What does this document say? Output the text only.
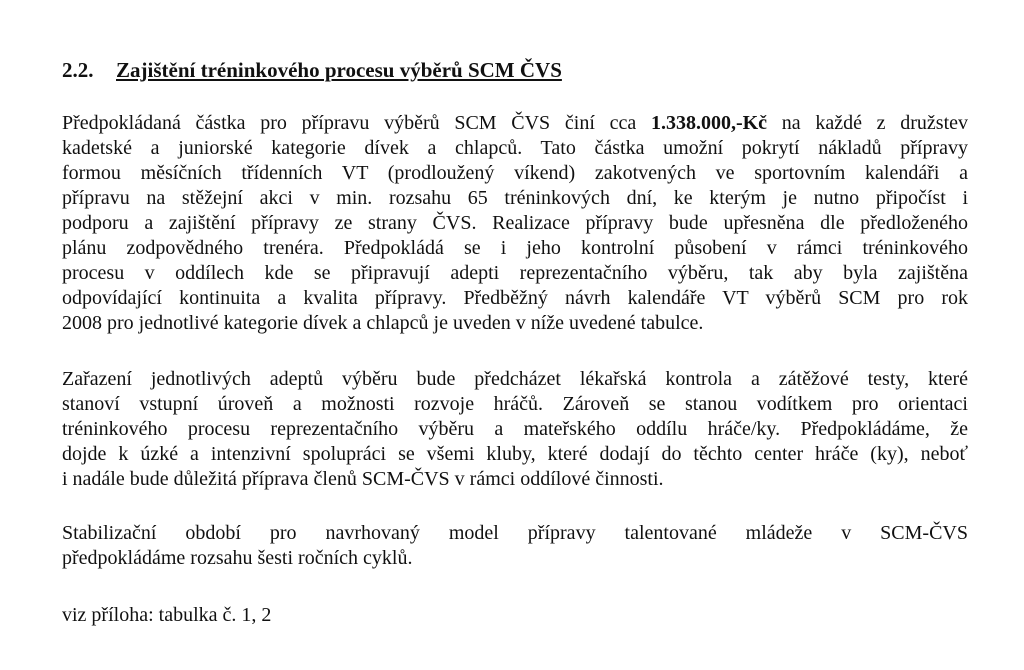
2.2. Zajištění tréninkového procesu výběrů SCM ČVS
Předpokládaná částka pro přípravu výběrů SCM ČVS činí cca 1.338.000,-Kč na každé z družstev
kadetské a juniorské kategorie dívek a chlapců. Tato částka umožní pokrytí nákladů přípravy
formou měsíčních třídenních VT (prodloužený víkend) zakotvených ve sportovním kalendáři a
přípravu na stěžejní akci v min. rozsahu 65 tréninkových dní, ke kterým je nutno připočíst i
podporu a zajištění přípravy ze strany ČVS. Realizace přípravy bude upřesněna dle předloženého
plánu zodpovědného trenéra. Předpokládá se i jeho kontrolní působení v rámci tréninkového
procesu v oddílech kde se připravují adepti reprezentačního výběru, tak aby byla zajištěna
odpovídající kontinuita a kvalita přípravy. Předběžný návrh kalendáře VT výběrů SCM pro rok
2008 pro jednotlivé kategorie dívek a chlapců je uveden v níže uvedené tabulce.
Zařazení jednotlivých adeptů výběru bude předcházet lékařská kontrola a zátěžové testy, které
stanoví vstupní úroveň a možnosti rozvoje hráčů. Zároveň se stanou vodítkem pro orientaci
tréninkového procesu reprezentačního výběru a mateřského oddílu hráče/ky. Předpokládáme, že
dojde k úzké a intenzivní spolupráci se všemi kluby, které dodají do těchto center hráče (ky), neboť
i nadále bude důležitá příprava členů SCM-ČVS v rámci oddílové činnosti.
Stabilizační období pro navrhovaný model přípravy talentované mládeže v SCM-ČVS
předpokládáme rozsahu šesti ročních cyklů.
viz příloha: tabulka č. 1, 2
